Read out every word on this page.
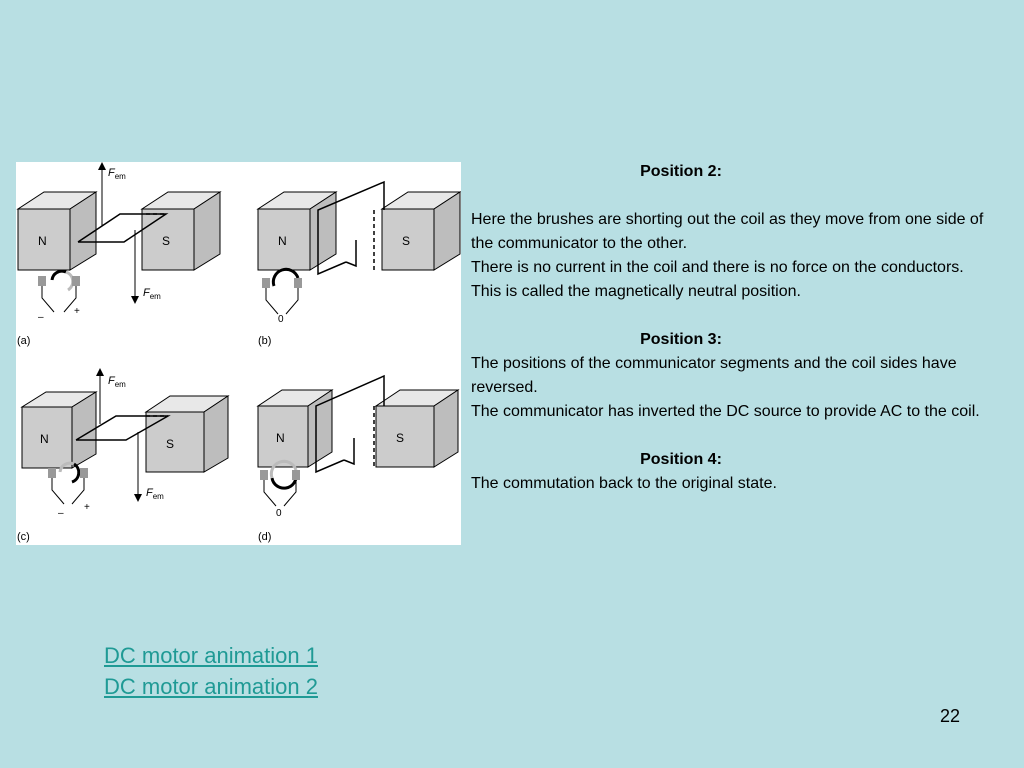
N	S
$F_{em}$
$F_{em}$
–
+
(a)
N	S
0
(b)
N	S
$F_{em}$
$F_{em}$
–
+
(c)
N	S
0
(d)

Position 2:

Here the brushes are shorting out the coil as they move from one side of the communicator to the other.

There is no current in the coil and there is no force on the conductors.

This is called the magnetically neutral position.

Position 3:

The positions of the communicator segments and the coil sides have reversed.

The communicator has inverted the DC source to provide AC to the coil.

Position 4:

The commutation back to the original state.

DC motor animation 1
DC motor animation 2
22
